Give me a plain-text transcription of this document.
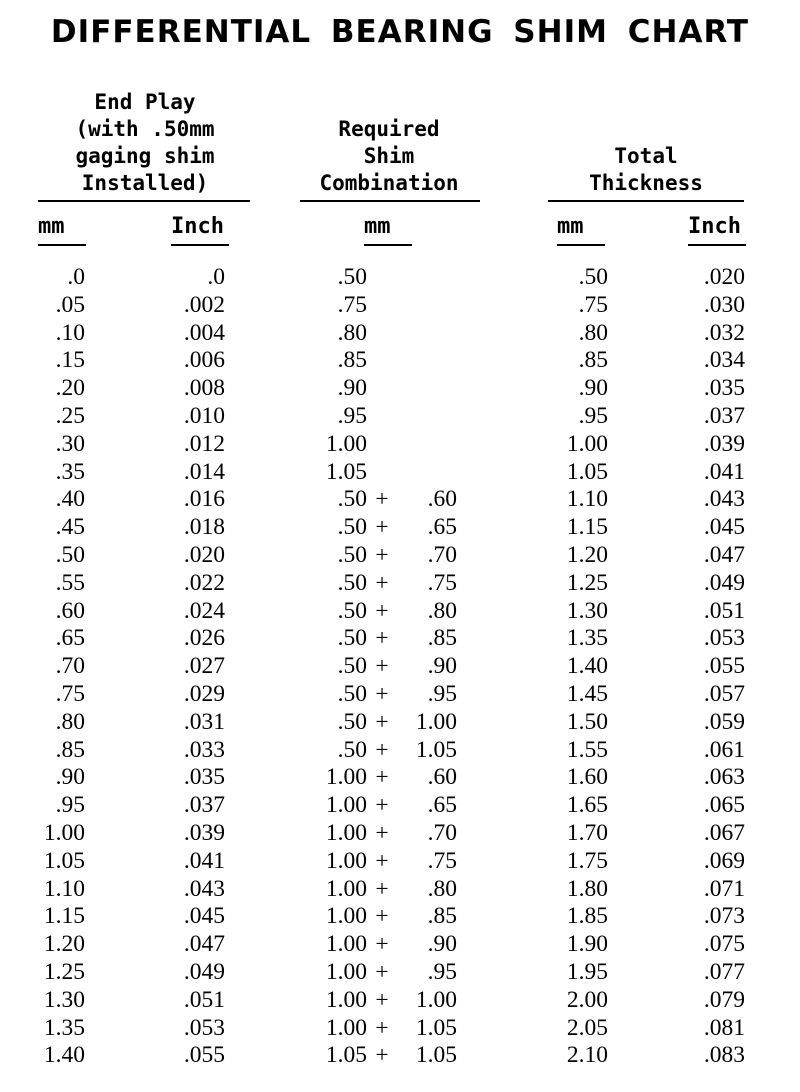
DIFFERENTIAL BEARING SHIM CHART
End Play
(with .50mm
gaging shim
Installed)
Required
Shim
Combination
Total
Thickness
mm	Inch	mm	mm	Inch
.0	.0	.50	.50	.020
.05	.002	.75	.75	.030
.10	.004	.80	.80	.032
.15	.006	.85	.85	.034
.20	.008	.90	.90	.035
.25	.010	.95	.95	.037
.30	.012	1.00	1.00	.039
.35	.014	1.05	1.05	.041
.40	.016	.50 + .60	1.10	.043
.45	.018	.50 + .65	1.15	.045
.50	.020	.50 + .70	1.20	.047
.55	.022	.50 + .75	1.25	.049
.60	.024	.50 + .80	1.30	.051
.65	.026	.50 + .85	1.35	.053
.70	.027	.50 + .90	1.40	.055
.75	.029	.50 + .95	1.45	.057
.80	.031	.50 + 1.00	1.50	.059
.85	.033	.50 + 1.05	1.55	.061
.90	.035	1.00 + .60	1.60	.063
.95	.037	1.00 + .65	1.65	.065
1.00	.039	1.00 + .70	1.70	.067
1.05	.041	1.00 + .75	1.75	.069
1.10	.043	1.00 + .80	1.80	.071
1.15	.045	1.00 + .85	1.85	.073
1.20	.047	1.00 + .90	1.90	.075
1.25	.049	1.00 + .95	1.95	.077
1.30	.051	1.00 + 1.00	2.00	.079
1.35	.053	1.00 + 1.05	2.05	.081
1.40	.055	1.05 + 1.05	2.10	.083
